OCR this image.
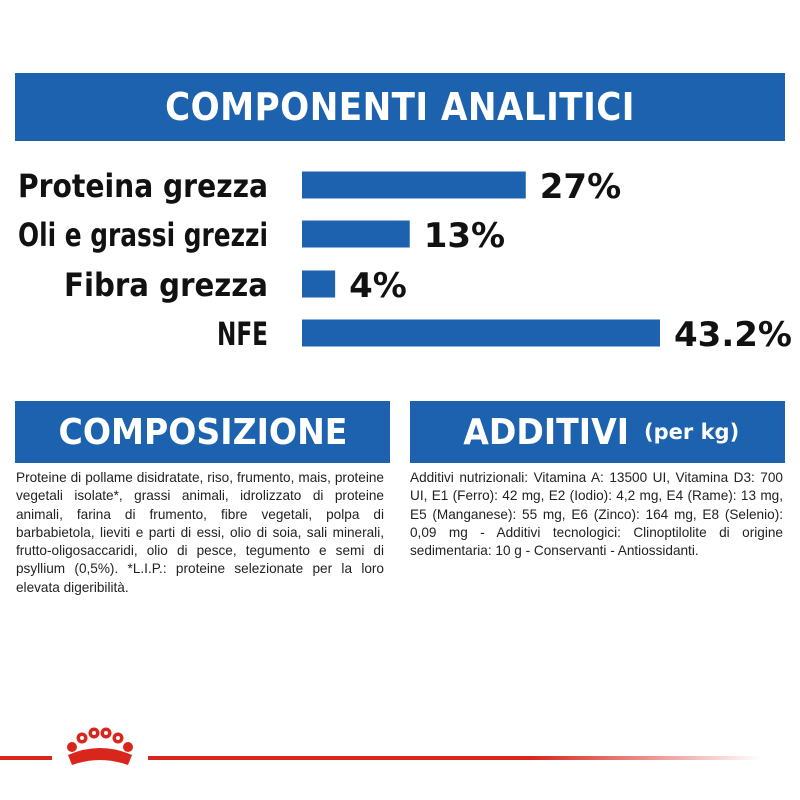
COMPONENTI ANALITICI
Proteina grezza	27%
Oli e grassi grezzi	13%
Fibra grezza 4%
NFE	43.2%
COMPOSIZIONE
Proteine di pollame disidratate, riso, frumento, mais, proteine vegetali isolate*, grassi animali, idrolizzato di proteine animali, farina di frumento, fibre vegetali, polpa di barbabietola, lieviti e parti di essi, olio di soia, sali minerali, frutto-oligosaccaridi, olio di pesce, tegumento e semi di psyllium (0,5%). *L.I.P.: proteine selezionate per la loro elevata digeribilità.
ADDITIVI (per kg)
Additivi nutrizionali: Vitamina A: 13500 UI, Vitamina D3: 700 UI, E1 (Ferro): 42 mg, E2 (Iodio): 4,2 mg, E4 (Rame): 13 mg, E5 (Manganese): 55 mg, E6 (Zinco): 164 mg, E8 (Selenio): 0,09 mg - Additivi tecnologici: Clinoptilolite di origine sedimentaria: 10 g - Conservanti - Antiossidanti.
